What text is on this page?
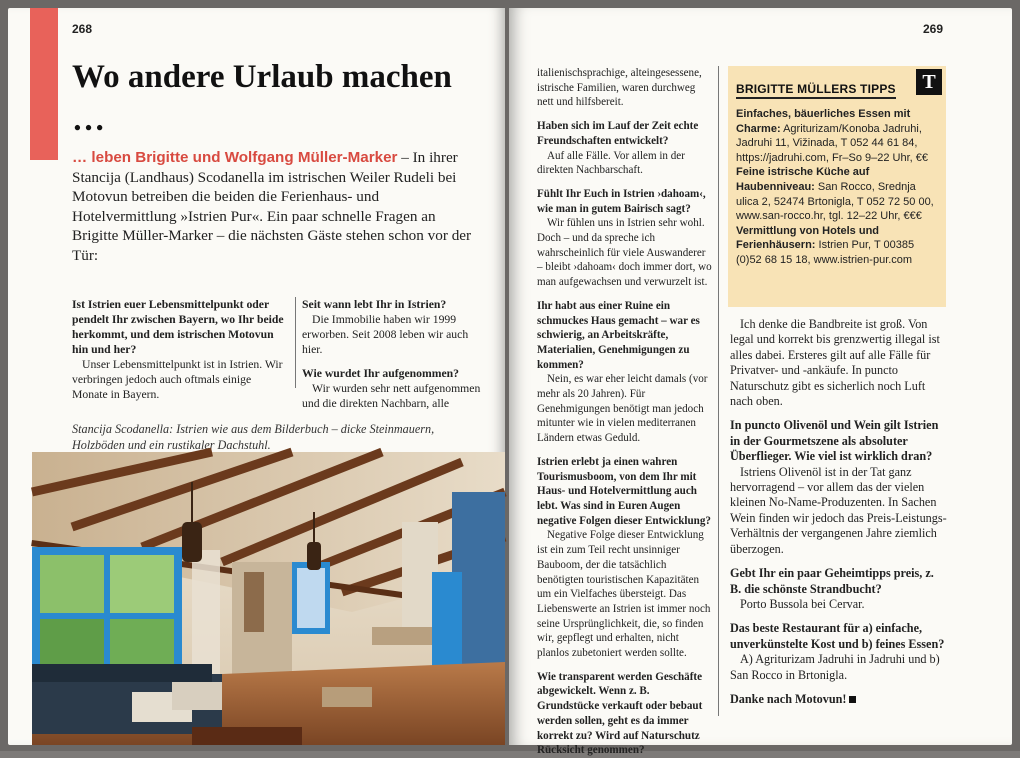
268
Wo andere Urlaub machen …
… leben Brigitte und Wolfgang Müller-Marker – In ihrer Stancija (Landhaus) Scodanella im istrischen Weiler Rudeli bei Motovun betreiben die beiden die Ferienhaus- und Hotelvermittlung »Istrien Pur«. Ein paar schnelle Fragen an Brigitte Müller-Marker – die nächsten Gäste stehen schon vor der Tür:

Ist Istrien euer Lebensmittelpunkt oder pendelt Ihr zwischen Bayern, wo Ihr beide herkommt, und dem istrischen Motovun hin und her?

Unser Lebensmittelpunkt ist in Istrien. Wir verbringen jedoch auch oftmals einige Monate in Bayern.

Seit wann lebt Ihr in Istrien?

Die Immobilie haben wir 1999 erworben. Seit 2008 leben wir auch hier.

Wie wurdet Ihr aufgenommen?

Wir wurden sehr nett aufgenommen und die direkten Nachbarn, alle

Stancija Scodanella: Istrien wie aus dem Bilderbuch – dicke Steinmauern, Holzböden und ein rustikaler Dachstuhl.
269

italienischsprachige, alteingesessene, istrische Familien, waren durchweg nett und hilfsbereit.

Haben sich im Lauf der Zeit echte Freundschaften entwickelt?

Auf alle Fälle. Vor allem in der direkten Nachbarschaft.

Fühlt Ihr Euch in Istrien ›dahoam‹, wie man in gutem Bairisch sagt?

Wir fühlen uns in Istrien sehr wohl. Doch – und da spreche ich wahrscheinlich für viele Auswanderer – bleibt ›dahoam‹ doch immer dort, wo man aufgewachsen und verwurzelt ist.

Ihr habt aus einer Ruine ein schmuckes Haus gemacht – war es schwierig, an Arbeitskräfte, Materialien, Genehmigungen zu kommen?

Nein, es war eher leicht damals (vor mehr als 20 Jahren). Für Genehmigungen benötigt man jedoch mitunter wie in vielen mediterranen Ländern etwas Geduld.

Istrien erlebt ja einen wahren Tourismusboom, von dem Ihr mit Haus- und Hotelvermittlung auch lebt. Was sind in Euren Augen negative Folgen dieser Entwicklung?

Negative Folge dieser Entwicklung ist ein zum Teil recht unsinniger Bauboom, der die tatsächlich benötigten touristischen Kapazitäten um ein Vielfaches übersteigt. Das Liebenswerte an Istrien ist immer noch seine Ursprünglichkeit, die, so finden wir, gepflegt und erhalten, nicht planlos zubetoniert werden sollte.

Wie transparent werden Geschäfte abgewickelt. Wenn z. B. Grundstücke verkauft oder bebaut werden sollen, geht es da immer korrekt zu? Wird auf Naturschutz Rücksicht genommen?

BRIGITTE MÜLLERS TIPPS	T

Einfaches, bäuerliches Essen mit Charme: Agriturizam/Konoba Jadruhi, Jadruhi 11, Vižinada, T 052 44 61 84, https://jadruhi.com, Fr–So 9–22 Uhr, €€

Feine istrische Küche auf Haubenniveau: San Rocco, Srednja ulica 2, 52474 Brtonigla, T 052 72 50 00, www.san-rocco.hr, tgl. 12–22 Uhr, €€€

Vermittlung von Hotels und Ferienhäusern: Istrien Pur, T 00385 (0)52 68 15 18, www.istrien-pur.com

Ich denke die Bandbreite ist groß. Von legal und korrekt bis grenzwertig illegal ist alles dabei. Ersteres gilt auf alle Fälle für Privatver- und -ankäufe. In puncto Naturschutz gibt es sicherlich noch Luft nach oben.

In puncto Olivenöl und Wein gilt Istrien in der Gourmetszene als absoluter Überflieger. Wie viel ist wirklich dran?

Istriens Olivenöl ist in der Tat ganz hervorragend – vor allem das der vielen kleinen No-Name-Produzenten. In Sachen Wein finden wir jedoch das Preis-Leistungs-Verhältnis der vergangenen Jahre ziemlich überzogen.

Gebt Ihr ein paar Geheimtipps preis, z. B. die schönste Strandbucht?

Porto Bussola bei Cervar.

Das beste Restaurant für a) einfache, unverkünstelte Kost und b) feines Essen?

A) Agriturizam Jadruhi in Jadruhi und b) San Rocco in Brtonigla.

Danke nach Motovun!
